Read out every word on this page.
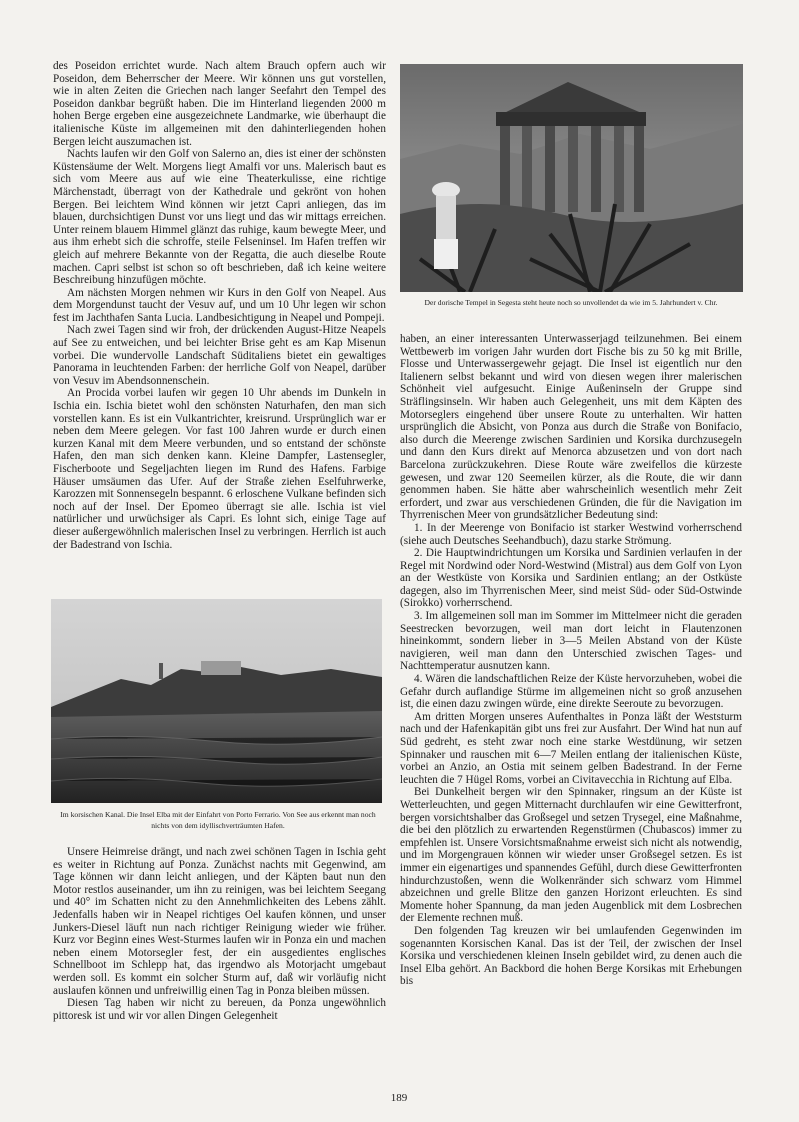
des Poseidon errichtet wurde. Nach altem Brauch opfern auch wir Poseidon, dem Beherrscher der Meere. Wir können uns gut vorstellen, wie in alten Zeiten die Griechen nach langer Seefahrt den Tempel des Poseidon dankbar begrüßt haben. Die im Hinterland liegenden 2000 m hohen Berge ergeben eine ausgezeichnete Landmarke, wie überhaupt die italienische Küste im allgemeinen mit den dahinterliegenden hohen Bergen leicht auszumachen ist.

Nachts laufen wir den Golf von Salerno an, dies ist einer der schönsten Küstensäume der Welt. Morgens liegt Amalfi vor uns. Malerisch baut es sich vom Meere aus auf wie eine Theaterkulisse, eine richtige Märchenstadt, überragt von der Kathedrale und gekrönt von hohen Bergen. Bei leichtem Wind können wir jetzt Capri anliegen, das im blauen, durchsichtigen Dunst vor uns liegt und das wir mittags erreichen. Unter reinem blauem Himmel glänzt das ruhige, kaum bewegte Meer, und aus ihm erhebt sich die schroffe, steile Felseninsel. Im Hafen treffen wir gleich auf mehrere Bekannte von der Regatta, die auch dieselbe Route machen. Capri selbst ist schon so oft beschrieben, daß ich keine weitere Beschreibung hinzufügen möchte.

Am nächsten Morgen nehmen wir Kurs in den Golf von Neapel. Aus dem Morgendunst taucht der Vesuv auf, und um 10 Uhr legen wir schon fest im Jachthafen Santa Lucia. Landbesichtigung in Neapel und Pompeji.

Nach zwei Tagen sind wir froh, der drückenden August-Hitze Neapels auf See zu entweichen, und bei leichter Brise geht es am Kap Misenun vorbei. Die wundervolle Landschaft Süditaliens bietet ein gewaltiges Panorama in leuchtenden Farben: der herrliche Golf von Neapel, darüber von Vesuv im Abendsonnenschein.

An Procida vorbei laufen wir gegen 10 Uhr abends im Dunkeln in Ischia ein. Ischia bietet wohl den schönsten Naturhafen, den man sich vorstellen kann. Es ist ein Vulkantrichter, kreisrund. Ursprünglich war er neben dem Meere gelegen. Vor fast 100 Jahren wurde er durch einen kurzen Kanal mit dem Meere verbunden, und so entstand der schönste Hafen, den man sich denken kann. Kleine Dampfer, Lastensegler, Fischerboote und Segeljachten liegen im Rund des Hafens. Farbige Häuser umsäumen das Ufer. Auf der Straße ziehen Eselfuhrwerke, Karozzen mit Sonnensegeln bespannt. 6 erloschene Vulkane befinden sich noch auf der Insel. Der Epomeo überragt sie alle. Ischia ist viel natürlicher und urwüchsiger als Capri. Es lohnt sich, einige Tage auf dieser außergewöhnlich malerischen Insel zu verbringen. Herrlich ist auch der Badestrand von Ischia.

Der dorische Tempel in Segesta steht heute noch so unvollendet da wie im 5. Jahrhundert v. Chr.

haben, an einer interessanten Unterwasserjagd teilzunehmen. Bei einem Wettbewerb im vorigen Jahr wurden dort Fische bis zu 50 kg mit Brille, Flosse und Unterwassergewehr gejagt. Die Insel ist eigentlich nur den Italienern selbst bekannt und wird von diesen wegen ihrer malerischen Schönheit viel aufgesucht. Einige Außeninseln der Gruppe sind Sträflingsinseln. Wir haben auch Gelegenheit, uns mit dem Käpten des Motorseglers eingehend über unsere Route zu unterhalten. Wir hatten ursprünglich die Absicht, von Ponza aus durch die Straße von Bonifacio, also durch die Meerenge zwischen Sardinien und Korsika durchzusegeln und dann den Kurs direkt auf Menorca abzusetzen und von dort nach Barcelona zurückzukehren. Diese Route wäre zweifellos die kürzeste gewesen, und zwar 120 Seemeilen kürzer, als die Route, die wir dann genommen haben. Sie hätte aber wahrscheinlich wesentlich mehr Zeit erfordert, und zwar aus verschiedenen Gründen, die für die Navigation im Thyrrenischen Meer von grundsätzlicher Bedeutung sind:

1. In der Meerenge von Bonifacio ist starker Westwind vorherrschend (siehe auch Deutsches Seehandbuch), dazu starke Strömung.

2. Die Hauptwindrichtungen um Korsika und Sardinien verlaufen in der Regel mit Nordwind oder Nord-Westwind (Mistral) aus dem Golf von Lyon an der Westküste von Korsika und Sardinien entlang; an der Ostküste dagegen, also im Thyrrenischen Meer, sind meist Süd- oder Süd-Ostwinde (Sirokko) vorherrschend.

3. Im allgemeinen soll man im Sommer im Mittelmeer nicht die geraden Seestrecken bevorzugen, weil man dort leicht in Flautenzonen hineinkommt, sondern lieber in 3—5 Meilen Abstand von der Küste navigieren, weil man dann den Unterschied zwischen Tages- und Nachttemperatur ausnutzen kann.

4. Wären die landschaftlichen Reize der Küste hervorzuheben, wobei die Gefahr durch auflandige Stürme im allgemeinen nicht so groß anzusehen ist, die einen dazu zwingen würde, eine direkte Seeroute zu bevorzugen.

Am dritten Morgen unseres Aufenthaltes in Ponza läßt der Weststurm nach und der Hafenkapitän gibt uns frei zur Ausfahrt. Der Wind hat nun auf Süd gedreht, es steht zwar noch eine starke Westdünung, wir setzen Spinnaker und rauschen mit 6—7 Meilen entlang der italienischen Küste, vorbei an Anzio, an Ostia mit seinem gelben Badestrand. In der Ferne leuchten die 7 Hügel Roms, vorbei an Civitavecchia in Richtung auf Elba.

Bei Dunkelheit bergen wir den Spinnaker, ringsum an der Küste ist Wetterleuchten, und gegen Mitternacht durchlaufen wir eine Gewitterfront, bergen vorsichtshalber das Großsegel und setzen Trysegel, eine Maßnahme, die bei den plötzlich zu erwartenden Regenstürmen (Chubascos) immer zu empfehlen ist. Unsere Vorsichtsmaßnahme erweist sich nicht als notwendig, und im Morgengrauen können wir wieder unser Großsegel setzen. Es ist immer ein eigenartiges und spannendes Gefühl, durch diese Gewitterfronten hindurchzustoßen, wenn die Wolkenränder sich schwarz vom Himmel abzeichnen und grelle Blitze den ganzen Horizont erleuchten. Es sind Momente hoher Spannung, da man jeden Augenblick mit dem Losbrechen der Elemente rechnen muß.

Den folgenden Tag kreuzen wir bei umlaufenden Gegenwinden im sogenannten Korsischen Kanal. Das ist der Teil, der zwischen der Insel Korsika und verschiedenen kleinen Inseln gebildet wird, zu denen auch die Insel Elba gehört. An Backbord die hohen Berge Korsikas mit Erhebungen bis

Im korsischen Kanal. Die Insel Elba mit der Einfahrt von Porto Ferrario. Von See aus erkennt man noch nichts von dem idyllischverträumten Hafen.

Unsere Heimreise drängt, und nach zwei schönen Tagen in Ischia geht es weiter in Richtung auf Ponza. Zunächst nachts mit Gegenwind, am Tage können wir dann leicht anliegen, und der Käpten baut nun den Motor restlos auseinander, um ihn zu reinigen, was bei leichtem Seegang und 40° im Schatten nicht zu den Annehmlichkeiten des Lebens zählt. Jedenfalls haben wir in Neapel richtiges Oel kaufen können, und unser Junkers-Diesel läuft nun nach richtiger Reinigung wieder wie früher. Kurz vor Beginn eines West-Sturmes laufen wir in Ponza ein und machen neben einem Motorsegler fest, der ein ausgedientes englisches Schnellboot im Schlepp hat, das irgendwo als Motorjacht umgebaut werden soll. Es kommt ein solcher Sturm auf, daß wir vorläufig nicht auslaufen können und unfreiwillig einen Tag in Ponza bleiben müssen.

Diesen Tag haben wir nicht zu bereuen, da Ponza ungewöhnlich pittoresk ist und wir vor allen Dingen Gelegenheit

189
